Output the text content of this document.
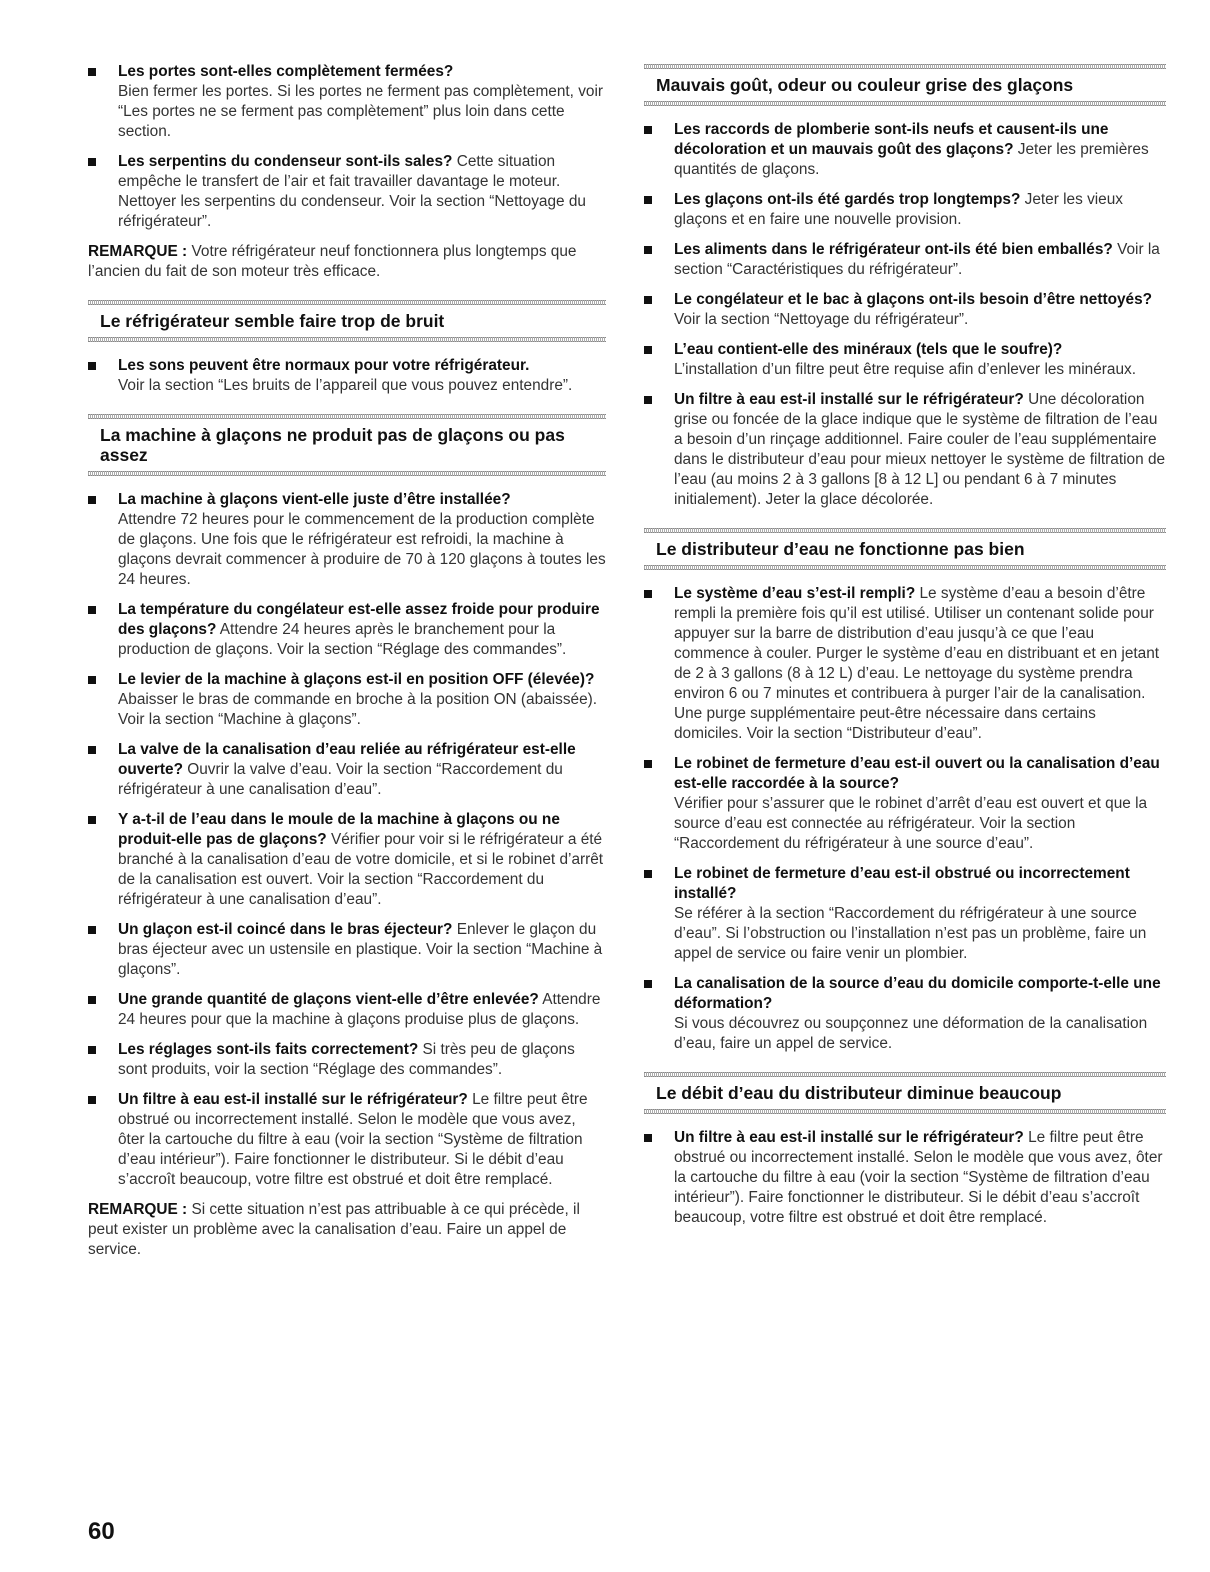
Les portes sont-elles complètement fermées?
Bien fermer les portes. Si les portes ne ferment pas complètement, voir “Les portes ne se ferment pas complètement” plus loin dans cette section.
Les serpentins du condenseur sont-ils sales? Cette situation empêche le transfert de l’air et fait travailler davantage le moteur. Nettoyer les serpentins du condenseur. Voir la section “Nettoyage du réfrigérateur”.
REMARQUE : Votre réfrigérateur neuf fonctionnera plus longtemps que l’ancien du fait de son moteur très efficace.
Le réfrigérateur semble faire trop de bruit
Les sons peuvent être normaux pour votre réfrigérateur.
Voir la section “Les bruits de l’appareil que vous pouvez entendre”.
La machine à glaçons ne produit pas de glaçons ou pas assez
La machine à glaçons vient-elle juste d’être installée?
Attendre 72 heures pour le commencement de la production complète de glaçons. Une fois que le réfrigérateur est refroidi, la machine à glaçons devrait commencer à produire de 70 à 120 glaçons à toutes les 24 heures.
La température du congélateur est-elle assez froide pour produire des glaçons? Attendre 24 heures après le branchement pour la production de glaçons. Voir la section “Réglage des commandes”.
Le levier de la machine à glaçons est-il en position OFF (élevée)? Abaisser le bras de commande en broche à la position ON (abaissée). Voir la section “Machine à glaçons”.
La valve de la canalisation d’eau reliée au réfrigérateur est-elle ouverte? Ouvrir la valve d’eau. Voir la section “Raccordement du réfrigérateur à une canalisation d’eau”.
Y a-t-il de l’eau dans le moule de la machine à glaçons ou ne produit-elle pas de glaçons? Vérifier pour voir si le réfrigérateur a été branché à la canalisation d’eau de votre domicile, et si le robinet d’arrêt de la canalisation est ouvert. Voir la section “Raccordement du réfrigérateur à une canalisation d’eau”.
Un glaçon est-il coincé dans le bras éjecteur? Enlever le glaçon du bras éjecteur avec un ustensile en plastique. Voir la section “Machine à glaçons”.
Une grande quantité de glaçons vient-elle d’être enlevée? Attendre 24 heures pour que la machine à glaçons produise plus de glaçons.
Les réglages sont-ils faits correctement? Si très peu de glaçons sont produits, voir la section “Réglage des commandes”.
Un filtre à eau est-il installé sur le réfrigérateur? Le filtre peut être obstrué ou incorrectement installé. Selon le modèle que vous avez, ôter la cartouche du filtre à eau (voir la section “Système de filtration d’eau intérieur”). Faire fonctionner le distributeur. Si le débit d’eau s’accroît beaucoup, votre filtre est obstrué et doit être remplacé.
REMARQUE : Si cette situation n’est pas attribuable à ce qui précède, il peut exister un problème avec la canalisation d’eau. Faire un appel de service.
Mauvais goût, odeur ou couleur grise des glaçons
Les raccords de plomberie sont-ils neufs et causent-ils une décoloration et un mauvais goût des glaçons? Jeter les premières quantités de glaçons.
Les glaçons ont-ils été gardés trop longtemps? Jeter les vieux glaçons et en faire une nouvelle provision.
Les aliments dans le réfrigérateur ont-ils été bien emballés? Voir la section “Caractéristiques du réfrigérateur”.
Le congélateur et le bac à glaçons ont-ils besoin d’être nettoyés? Voir la section “Nettoyage du réfrigérateur”.
L’eau contient-elle des minéraux (tels que le soufre)?
L’installation d’un filtre peut être requise afin d’enlever les minéraux.
Un filtre à eau est-il installé sur le réfrigérateur? Une décoloration grise ou foncée de la glace indique que le système de filtration de l’eau a besoin d’un rinçage additionnel. Faire couler de l’eau supplémentaire dans le distributeur d’eau pour mieux nettoyer le système de filtration de l’eau (au moins 2 à 3 gallons [8 à 12 L] ou pendant 6 à 7 minutes initialement). Jeter la glace décolorée.
Le distributeur d’eau ne fonctionne pas bien
Le système d’eau s’est-il rempli? Le système d’eau a besoin d’être rempli la première fois qu’il est utilisé. Utiliser un contenant solide pour appuyer sur la barre de distribution d’eau jusqu’à ce que l’eau commence à couler. Purger le système d’eau en distribuant et en jetant de 2 à 3 gallons (8 à 12 L) d’eau. Le nettoyage du système prendra environ 6 ou 7 minutes et contribuera à purger l’air de la canalisation. Une purge supplémentaire peut-être nécessaire dans certains domiciles. Voir la section “Distributeur d’eau”.
Le robinet de fermeture d’eau est-il ouvert ou la canalisation d’eau est-elle raccordée à la source?
Vérifier pour s’assurer que le robinet d’arrêt d’eau est ouvert et que la source d’eau est connectée au réfrigérateur. Voir la section “Raccordement du réfrigérateur à une source d’eau”.
Le robinet de fermeture d’eau est-il obstrué ou incorrectement installé?
Se référer à la section “Raccordement du réfrigérateur à une source d’eau”. Si l’obstruction ou l’installation n’est pas un problème, faire un appel de service ou faire venir un plombier.
La canalisation de la source d’eau du domicile comporte-t-elle une déformation?
Si vous découvrez ou soupçonnez une déformation de la canalisation d’eau, faire un appel de service.
Le débit d’eau du distributeur diminue beaucoup
Un filtre à eau est-il installé sur le réfrigérateur? Le filtre peut être obstrué ou incorrectement installé. Selon le modèle que vous avez, ôter la cartouche du filtre à eau (voir la section “Système de filtration d’eau intérieur”). Faire fonctionner le distributeur. Si le débit d’eau s’accroît beaucoup, votre filtre est obstrué et doit être remplacé.
60
